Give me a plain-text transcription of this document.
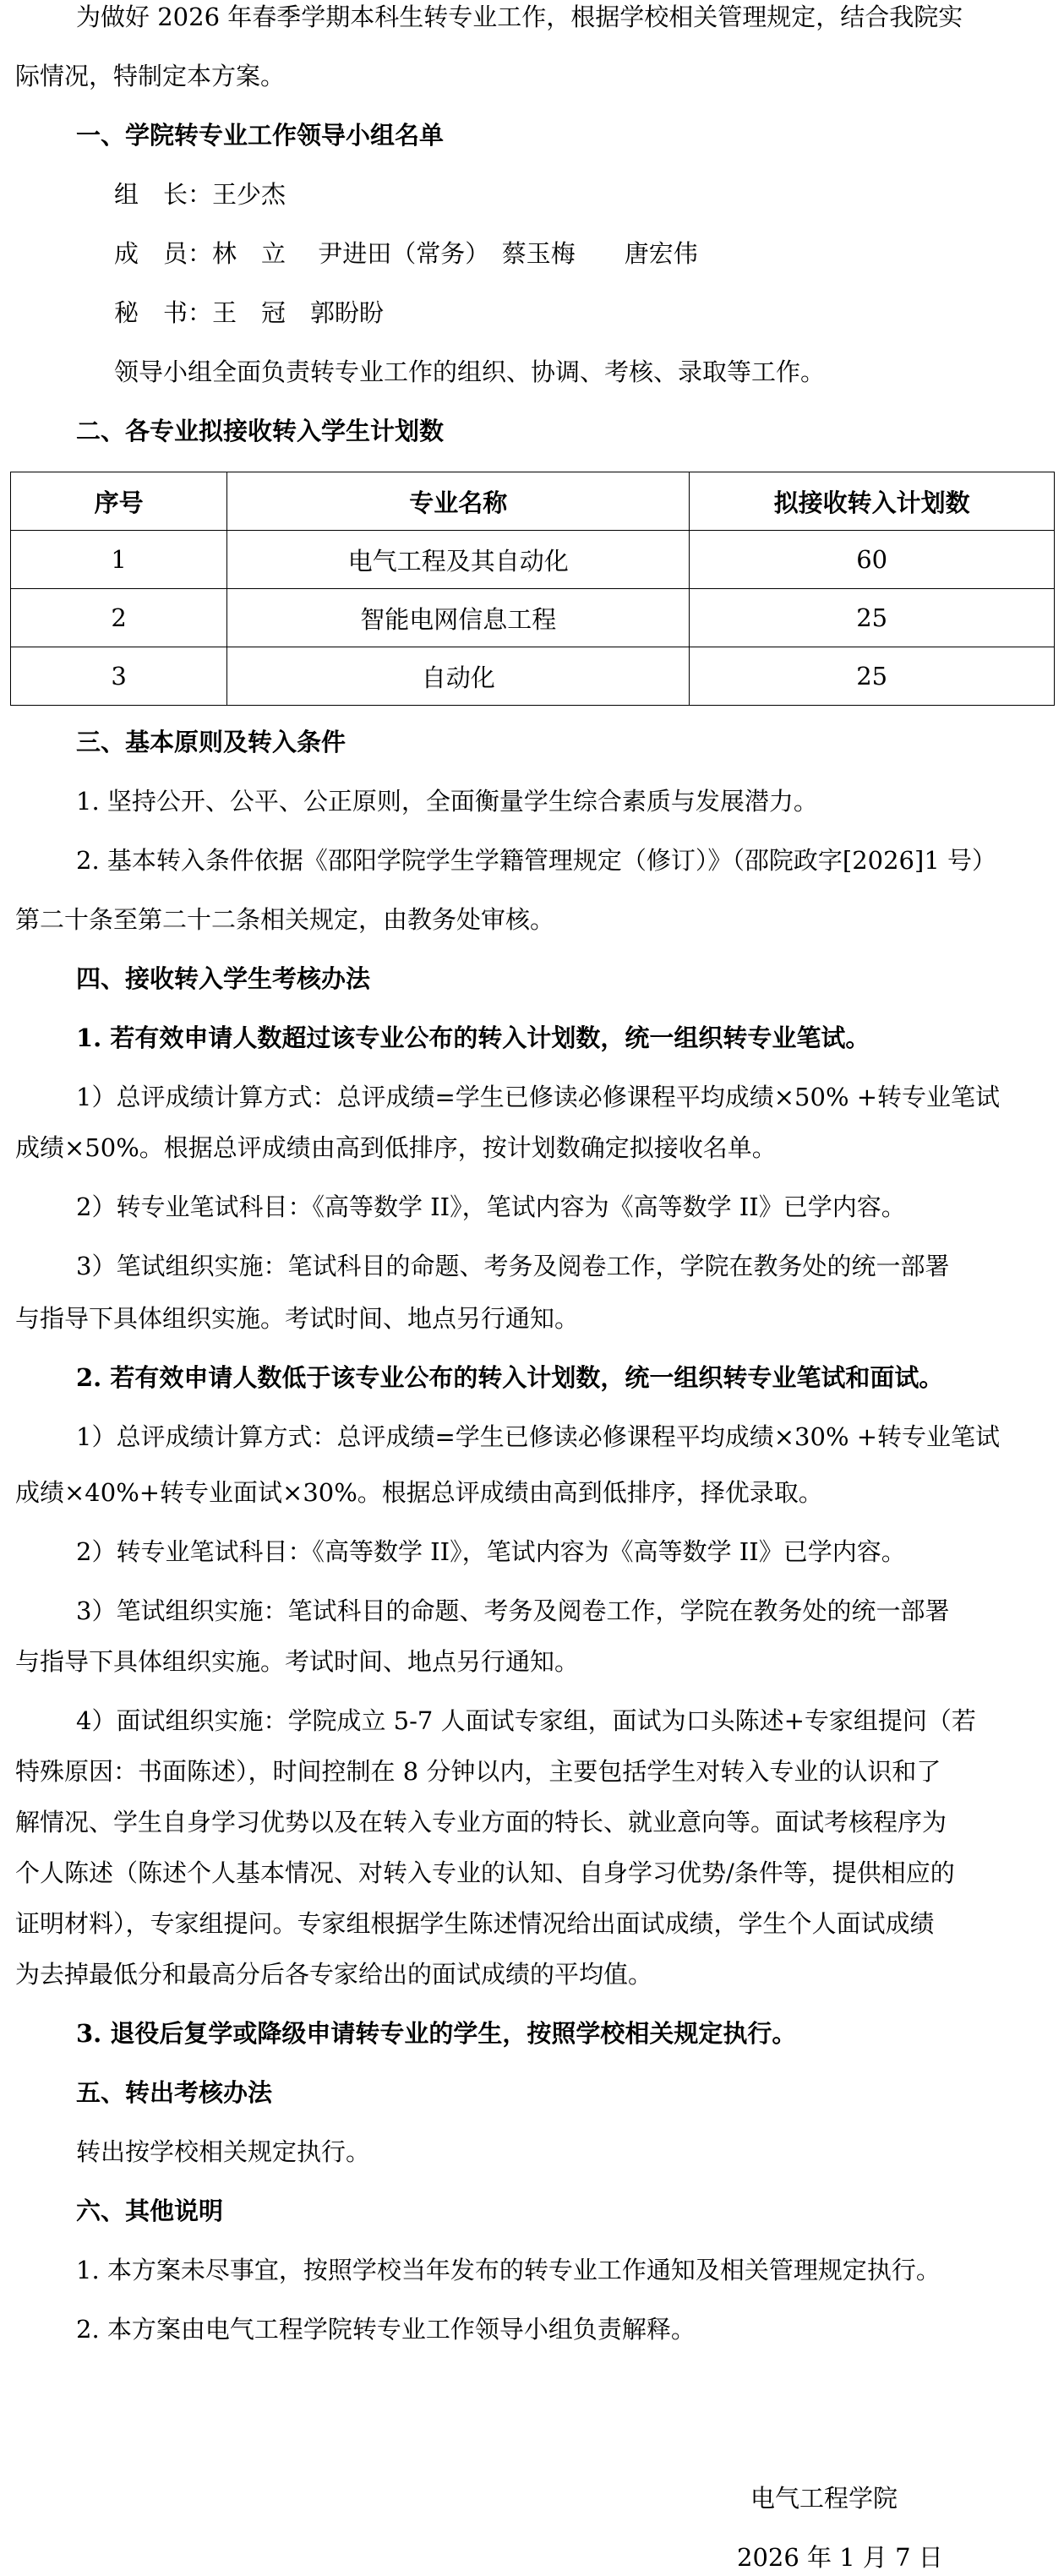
为做好 2026 年春季学期本科生转专业工作，根据学校相关管理规定，结合我院实
际情况，特制定本方案。
一、学院转专业工作领导小组名单
组　长：王少杰
成　员：林　立　 尹进田（常务）　蔡玉梅　　唐宏伟
秘　书：王　冠　郭盼盼
领导小组全面负责转专业工作的组织、协调、考核、录取等工作。
二、各专业拟接收转入学生计划数
序号	专业名称	拟接收转入计划数
1	电气工程及其自动化	60
2	智能电网信息工程	25
3	自动化	25
三、基本原则及转入条件
1. 坚持公开、公平、公正原则，全面衡量学生综合素质与发展潜力。
2. 基本转入条件依据《邵阳学院学生学籍管理规定（修订）》（邵院政字[2026]1 号）
第二十条至第二十二条相关规定，由教务处审核。
四、接收转入学生考核办法
1. 若有效申请人数超过该专业公布的转入计划数，统一组织转专业笔试。
1）总评成绩计算方式：总评成绩=学生已修读必修课程平均成绩×50% +转专业笔试
成绩×50%。根据总评成绩由高到低排序，按计划数确定拟接收名单。
2）转专业笔试科目：《高等数学 II》，笔试内容为《高等数学 II》已学内容。
3）笔试组织实施：笔试科目的命题、考务及阅卷工作，学院在教务处的统一部署
与指导下具体组织实施。考试时间、地点另行通知。
2. 若有效申请人数低于该专业公布的转入计划数，统一组织转专业笔试和面试。
1）总评成绩计算方式：总评成绩=学生已修读必修课程平均成绩×30% +转专业笔试
成绩×40%+转专业面试×30%。根据总评成绩由高到低排序，择优录取。
2）转专业笔试科目：《高等数学 II》，笔试内容为《高等数学 II》已学内容。
3）笔试组织实施：笔试科目的命题、考务及阅卷工作，学院在教务处的统一部署
与指导下具体组织实施。考试时间、地点另行通知。
4）面试组织实施：学院成立 5-7 人面试专家组，面试为口头陈述+专家组提问（若
特殊原因：书面陈述），时间控制在 8 分钟以内，主要包括学生对转入专业的认识和了
解情况、学生自身学习优势以及在转入专业方面的特长、就业意向等。面试考核程序为
个人陈述（陈述个人基本情况、对转入专业的认知、自身学习优势/条件等，提供相应的
证明材料），专家组提问。专家组根据学生陈述情况给出面试成绩，学生个人面试成绩
为去掉最低分和最高分后各专家给出的面试成绩的平均值。
3. 退役后复学或降级申请转专业的学生，按照学校相关规定执行。
五、转出考核办法
转出按学校相关规定执行。
六、其他说明
1. 本方案未尽事宜，按照学校当年发布的转专业工作通知及相关管理规定执行。
2. 本方案由电气工程学院转专业工作领导小组负责解释。
电气工程学院
2026 年 1 月 7 日
